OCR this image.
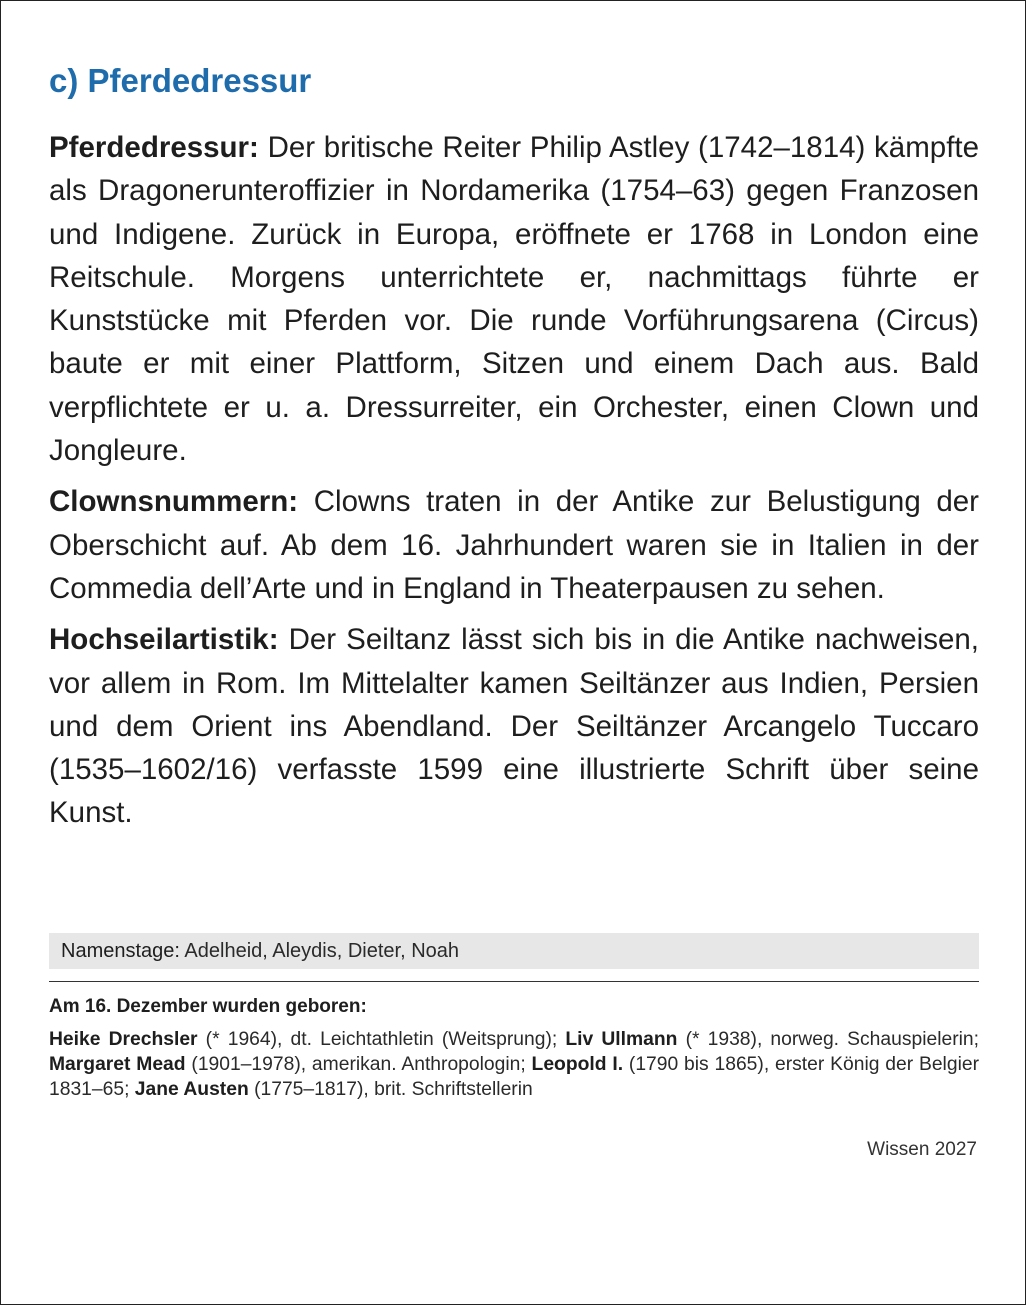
c) Pferdedressur

Pferdedressur: Der britische Reiter Philip Astley (1742–1814) kämpfte als Dragonerunteroffizier in Nordamerika (1754–63) gegen Franzosen und Indigene. Zurück in Europa, eröffnete er 1768 in London eine Reitschule. Morgens unterrichtete er, nachmittags führte er Kunststücke mit Pferden vor. Die runde Vorführungsarena (Circus) baute er mit einer Plattform, Sitzen und einem Dach aus. Bald verpflichtete er u. a. Dressurreiter, ein Orchester, einen Clown und Jongleure.

Clownsnummern: Clowns traten in der Antike zur Belustigung der Oberschicht auf. Ab dem 16. Jahrhundert waren sie in Italien in der Commedia dell’Arte und in England in Theaterpausen zu sehen.

Hochseilartistik: Der Seiltanz lässt sich bis in die Antike nachweisen, vor allem in Rom. Im Mittelalter kamen Seiltänzer aus Indien, Persien und dem Orient ins Abendland. Der Seiltänzer Arcangelo Tuccaro (1535–1602/16) verfasste 1599 eine illustrierte Schrift über seine Kunst.

Namenstage: Adelheid, Aleydis, Dieter, Noah
Am 16. Dezember wurden geboren:

Heike Drechsler (* 1964), dt. Leichtathletin (Weitsprung); Liv Ullmann (* 1938), norweg. Schauspielerin; Margaret Mead (1901–1978), amerikan. Anthropologin; Leopold I. (1790 bis 1865), erster König der Belgier 1831–65; Jane Austen (1775–1817), brit. Schriftstellerin

Wissen 2027
